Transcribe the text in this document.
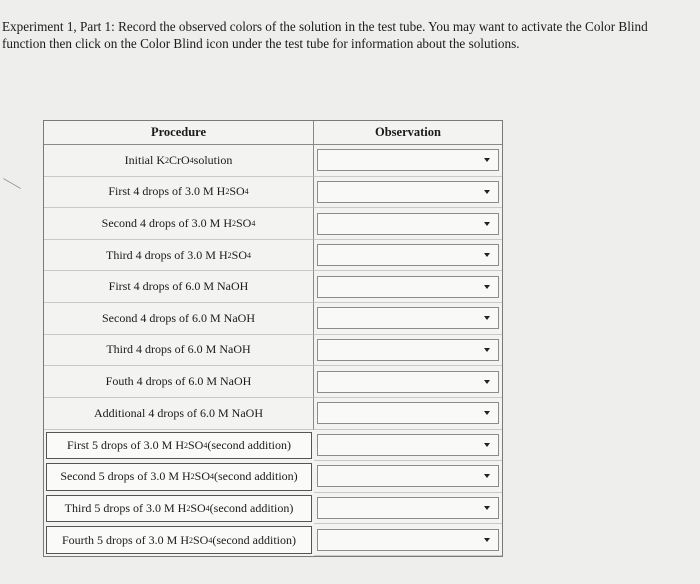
Experiment 1, Part 1: Record the observed colors of the solution in the test tube. You may want to activate the Color Blind function then click on the Color Blind icon under the test tube for information about the solutions.
Procedure	Observation
Initial K 2 CrO 4 solution
First 4 drops of 3.0 M H 2 SO 4
Second 4 drops of 3.0 M H 2 SO 4
Third 4 drops of 3.0 M H 2 SO 4
First 4 drops of 6.0 M NaOH
Second 4 drops of 6.0 M NaOH
Third 4 drops of 6.0 M NaOH
Fouth 4 drops of 6.0 M NaOH
Additional 4 drops of 6.0 M NaOH
First 5 drops of 3.0 M H 2 SO 4 (second addition)
Second 5 drops of 3.0 M H 2 SO 4 (second addition)
Third 5 drops of 3.0 M H 2 SO 4 (second addition)
Fourth 5 drops of 3.0 M H 2 SO 4 (second addition)
